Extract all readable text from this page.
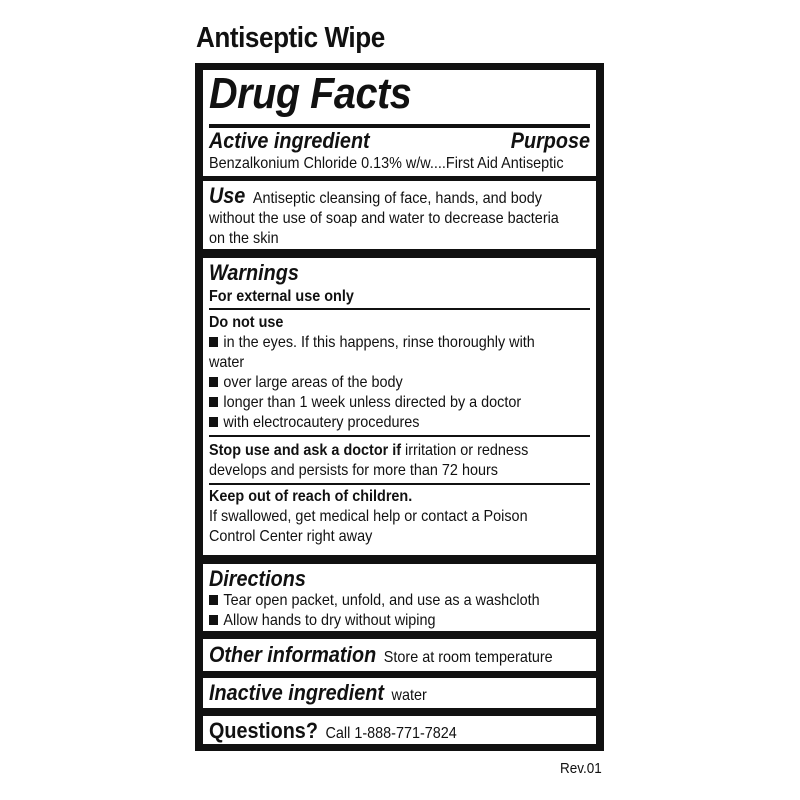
Antiseptic Wipe
Drug Facts
Active ingredient	Purpose
Benzalkonium Chloride 0.13% w/w....First Aid Antiseptic
Use Antiseptic cleansing of face, hands, and body
without the use of soap and water to decrease bacteria
on the skin
Warnings
For external use only
Do not use
in the eyes. If this happens, rinse thoroughly with
water
over large areas of the body
longer than 1 week unless directed by a doctor
with electrocautery procedures
Stop use and ask a doctor if irritation or redness
develops and persists for more than 72 hours
Keep out of reach of children.
If swallowed, get medical help or contact a Poison
Control Center right away
Directions
Tear open packet, unfold, and use as a washcloth
Allow hands to dry without wiping
Other information Store at room temperature
Inactive ingredient water
Questions? Call 1-888-771-7824
Rev.01
